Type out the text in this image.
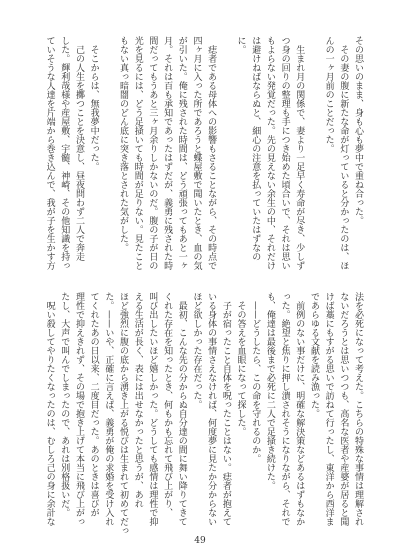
その思いのまま、身も心も夢中で重ね合った。
　その妻の腹に新たな命が灯っていると分かったのは、ほ
んの一ヶ月前のことだった。
　生まれ月の関係で、妻より一足早く寿命が尽き、少しず
つ身の回りの整理も手につき始めた頃合いで、それは思い
もよらない発覚だった。先の見えない余生の中、それだけ
は避けねばならぬと、細心の注意を払っていたはずなの
に。
　痣者である母体への影響もさることながら、その時点で
四ヶ月に入った所であろうと蝶屋敷で聞いたとき、血の気
が引いた。俺に残された時間は、どう頑張ってもあと一ヶ
月。それは百も承知であったはずだが、義勇に残された時
間だってもうあと三ヶ月余りしかないのだ。腹の子が日の
光を見るには、どう足掻いても時間が足りない。見たこと
もない真っ暗闇のどん底に突き落とされた気がした。
　そこからは、無我夢中だった。
　己の人生を擲つことを決意し、昼夜問わず二人で奔走
した。輝利哉様や産屋敷、宇髄、神崎、その他知識を持っ
ていそうな人達を片端から巻き込んで、我が子を生かす方
法を必死になって考えた。こちらの特殊な事情は理解され
ないだろうとは思いつつも、高名な医者や産婆が居ると聞
けば藁にもすがる思いで訪ねて行ったし、東洋から西洋ま
であらゆる文献を読み漁った。
　前例のない事だけに、明確な解決策などあるはずもなか
った。絶望と焦りに押し潰されそうになりながら、それで
も、俺達は最後まで必死に二人で足掻き続けた。
　——どうしたら、この命を守れるのか。
　その答えを血眼になって探した。
　子が宿ったこと自体を呪ったことはない。痣者が抱えて
いる身体の事情さえなければ、何度夢に見たか分からない
ほど欲しかった存在だった。
　最初、こんな先の分からぬ自分達の間に舞い降りてきて
くれた存在を知ったとき、何もかも忘れて飛び上がり、
叫び出したいほど嬉しかった。どうしても感情は理性で抑
える生活が長く、表には出せなかったと思うが、あれ
ほど強烈に腹の底から湧き上がる悦びは生まれて初めてだっ
た。——いや、正確に言えば、義勇が俺の求婚を受け入れ
てくれたあの日以来、二度目だった。あのときは喜びが
理性で抑えきれず、その場で抱き上げて本当に飛び上がっ
たし、大声で叫んでしまったので、あれは別格扱いだ。
　呪い殺してやりたくなったのは、むしろ己の身に余計な
49
